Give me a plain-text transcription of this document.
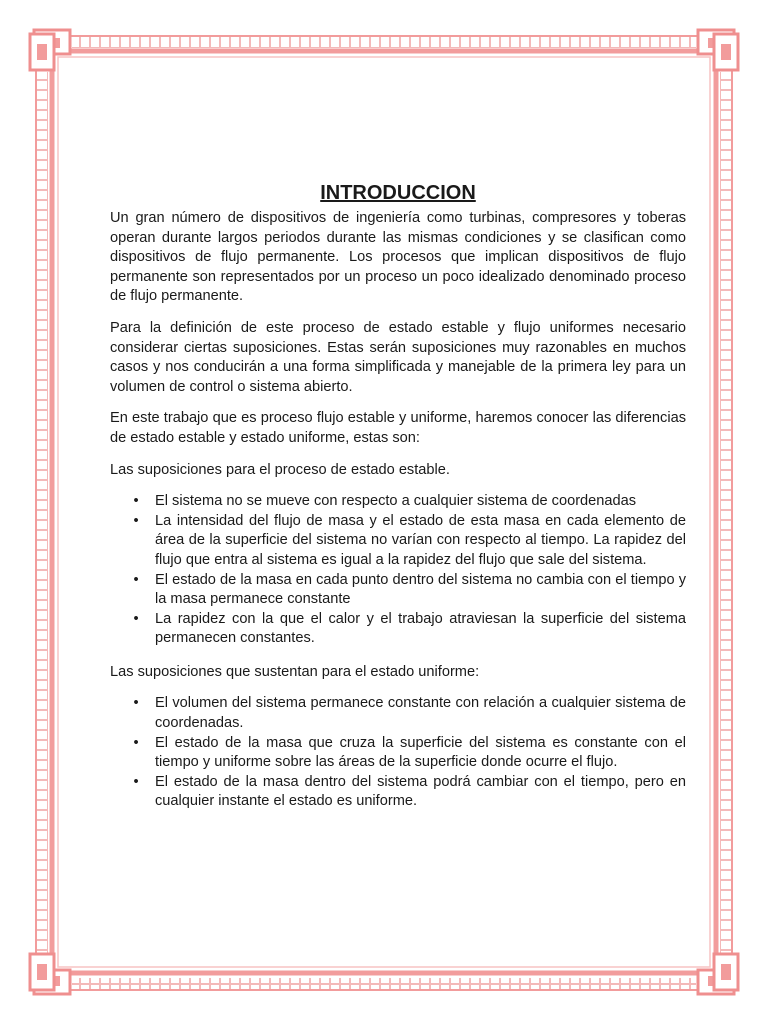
INTRODUCCION

Un gran número de dispositivos de ingeniería como turbinas, compresores y toberas operan durante largos periodos durante las mismas condiciones y se clasifican como dispositivos de flujo permanente. Los procesos que implican dispositivos de flujo permanente son representados por un proceso un poco idealizado denominado proceso de flujo permanente.

Para la definición de este proceso de estado estable y flujo uniformes necesario considerar ciertas suposiciones. Estas serán suposiciones muy razonables en muchos casos y nos conducirán a una forma simplificada y manejable de la primera ley para un volumen de control o sistema abierto.

En este trabajo que es proceso flujo estable y uniforme, haremos conocer las diferencias de estado estable y estado uniforme, estas son:

Las suposiciones para el proceso de estado estable.

• El sistema no se mueve con respecto a cualquier sistema de coordenadas
• La intensidad del flujo de masa y el estado de esta masa en cada elemento de área de la superficie del sistema no varían con respecto al tiempo. La rapidez del flujo que entra al sistema es igual a la rapidez del flujo que sale del sistema.
• El estado de la masa en cada punto dentro del sistema no cambia con el tiempo y la masa permanece constante
• La rapidez con la que el calor y el trabajo atraviesan la superficie del sistema permanecen constantes.

Las suposiciones que sustentan para el estado uniforme:

• El volumen del sistema permanece constante con relación a cualquier sistema de coordenadas.
• El estado de la masa que cruza la superficie del sistema es constante con el tiempo y uniforme sobre las áreas de la superficie donde ocurre el flujo.
• El estado de la masa dentro del sistema podrá cambiar con el tiempo, pero en cualquier instante el estado es uniforme.
